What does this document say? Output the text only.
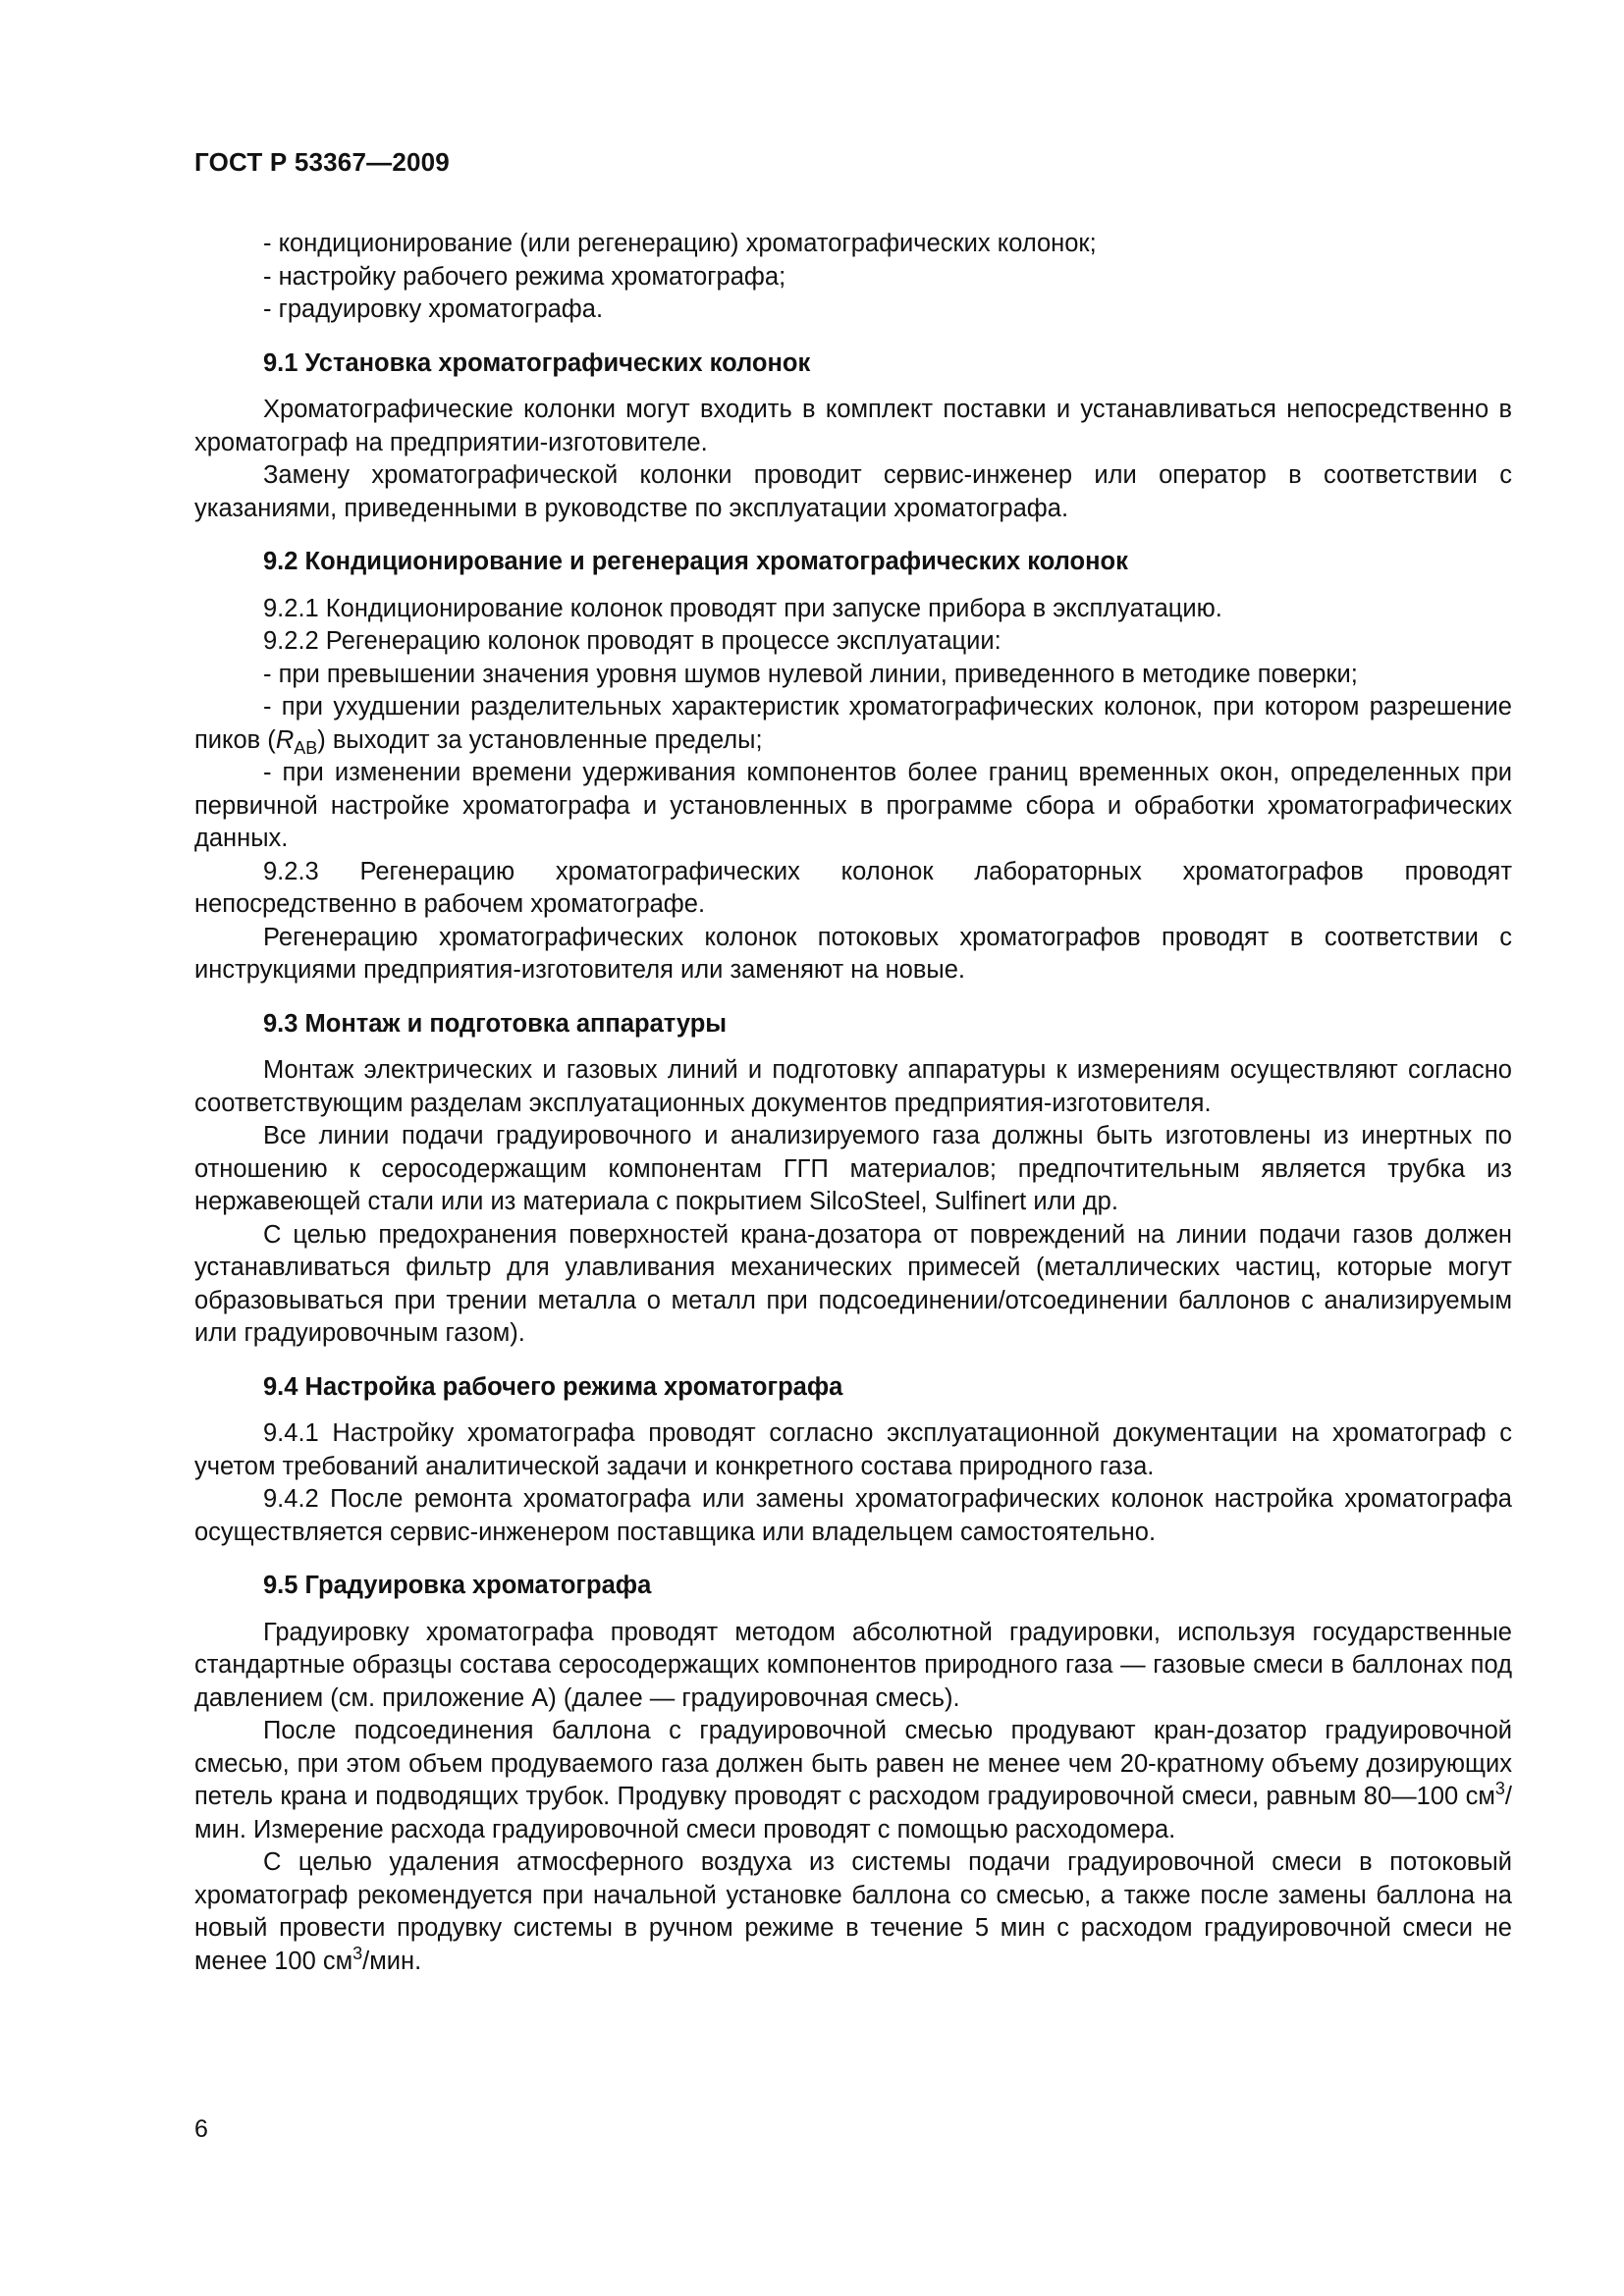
ГОСТ Р 53367—2009

- кондиционирование (или регенерацию) хроматографических колонок;

- настройку рабочего режима хроматографа;

- градуировку хроматографа.

9.1 Установка хроматографических колонок

Хроматографические колонки могут входить в комплект поставки и устанавливаться непосредственно в хроматограф на предприятии-изготовителе.

Замену хроматографической колонки проводит сервис-инженер или оператор в соответствии с указаниями, приведенными в руководстве по эксплуатации хроматографа.

9.2 Кондиционирование и регенерация хроматографических колонок

9.2.1 Кондиционирование колонок проводят при запуске прибора в эксплуатацию.

9.2.2 Регенерацию колонок проводят в процессе эксплуатации:

- при превышении значения уровня шумов нулевой линии, приведенного в методике поверки;

- при ухудшении разделительных характеристик хроматографических колонок, при котором разрешение пиков $(R_{AB})$ выходит за установленные пределы;

- при изменении времени удерживания компонентов более границ временных окон, определенных при первичной настройке хроматографа и установленных в программе сбора и обработки хроматографических данных.

9.2.3 Регенерацию хроматографических колонок лабораторных хроматографов проводят непосредственно в рабочем хроматографе.

Регенерацию хроматографических колонок потоковых хроматографов проводят в соответствии с инструкциями предприятия-изготовителя или заменяют на новые.

9.3 Монтаж и подготовка аппаратуры

Монтаж электрических и газовых линий и подготовку аппаратуры к измерениям осуществляют согласно соответствующим разделам эксплуатационных документов предприятия-изготовителя.

Все линии подачи градуировочного и анализируемого газа должны быть изготовлены из инертных по отношению к серосодержащим компонентам ГГП материалов; предпочтительным является трубка из нержавеющей стали или из материала с покрытием SilcoSteel, Sulfinert или др.

С целью предохранения поверхностей крана-дозатора от повреждений на линии подачи газов должен устанавливаться фильтр для улавливания механических примесей (металлических частиц, которые могут образовываться при трении металла о металл при подсоединении/отсоединении баллонов с анализируемым или градуировочным газом).

9.4 Настройка рабочего режима хроматографа

9.4.1 Настройку хроматографа проводят согласно эксплуатационной документации на хроматограф с учетом требований аналитической задачи и конкретного состава природного газа.

9.4.2 После ремонта хроматографа или замены хроматографических колонок настройка хроматографа осуществляется сервис-инженером поставщика или владельцем самостоятельно.

9.5 Градуировка хроматографа

Градуировку хроматографа проводят методом абсолютной градуировки, используя государственные стандартные образцы состава серосодержащих компонентов природного газа — газовые смеси в баллонах под давлением (см. приложение А) (далее — градуировочная смесь).

После подсоединения баллона с градуировочной смесью продувают кран-дозатор градуировочной смесью, при этом объем продуваемого газа должен быть равен не менее чем 20-кратному объему дозирующих петель крана и подводящих трубок. Продувку проводят с расходом градуировочной смеси, равным 80—100 $см^3$/мин. Измерение расхода градуировочной смеси проводят с помощью расходомера.

С целью удаления атмосферного воздуха из системы подачи градуировочной смеси в потоковый хроматограф рекомендуется при начальной установке баллона со смесью, а также после замены баллона на новый провести продувку системы в ручном режиме в течение 5 мин с расходом градуировочной смеси не менее 100 $см^3$/мин.

6
